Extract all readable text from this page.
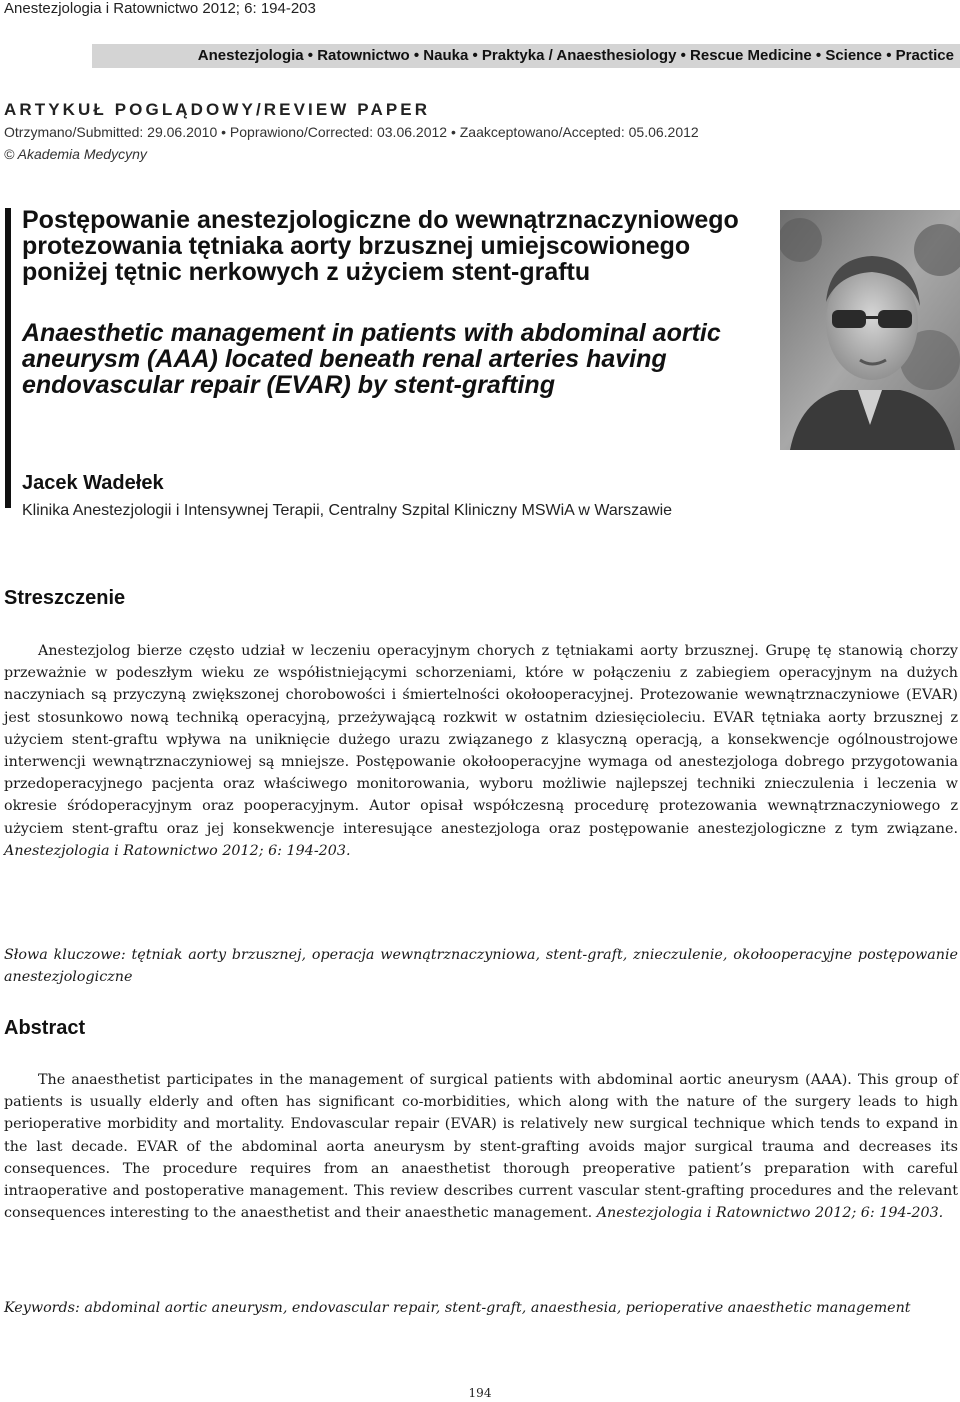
Anestezjologia i Ratownictwo 2012; 6: 194-203
Anestezjologia • Ratownictwo • Nauka • Praktyka / Anaesthesiology • Rescue Medicine • Science • Practice
ARTYKUŁ POGLĄDOWY/REVIEW PAPER
Otrzymano/Submitted: 29.06.2010 • Poprawiono/Corrected: 03.06.2012 • Zaakceptowano/Accepted: 05.06.2012
© Akademia Medycyny
Postępowanie anestezjologiczne do wewnątrznaczyniowego protezowania tętniaka aorty brzusznej umiejscowionego poniżej tętnic nerkowych z użyciem stent-graftu
Anaesthetic management in patients with abdominal aortic aneurysm (AAA) located beneath renal arteries having endovascular repair (EVAR) by stent-grafting
Jacek Wadełek
Klinika Anestezjologii i Intensywnej Terapii, Centralny Szpital Kliniczny MSWiA w Warszawie
Streszczenie

Anestezjolog bierze często udział w leczeniu operacyjnym chorych z tętniakami aorty brzusznej. Grupę tę stanowią chorzy przeważnie w podeszłym wieku ze współistniejącymi schorzeniami, które w połączeniu z zabiegiem operacyjnym na dużych naczyniach są przyczyną zwiększonej chorobowości i śmiertelności okołooperacyjnej. Protezowanie wewnątrznaczyniowe (EVAR) jest stosunkowo nową techniką operacyjną, przeżywającą rozkwit w ostatnim dziesięcioleciu. EVAR tętniaka aorty brzusznej z użyciem stent-graftu wpływa na uniknięcie dużego urazu związanego z klasyczną operacją, a konsekwencje ogólnoustrojowe interwencji wewnątrznaczyniowej są mniejsze. Postępowanie okołooperacyjne wymaga od anestezjologa dobrego przygotowania przedoperacyjnego pacjenta oraz właściwego monitorowania, wyboru możliwie najlepszej techniki znieczulenia i leczenia w okresie śródoperacyjnym oraz pooperacyjnym. Autor opisał współczesną procedurę protezowania wewnątrznaczyniowego z użyciem stent-graftu oraz jej konsekwencje interesujące anestezjologa oraz postępowanie anestezjologiczne z tym związane. Anestezjologia i Ratownictwo 2012; 6: 194-203.

Słowa kluczowe: tętniak aorty brzusznej, operacja wewnątrznaczyniowa, stent-graft, znieczulenie, okołooperacyjne postępowanie anestezjologiczne

Abstract

The anaesthetist participates in the management of surgical patients with abdominal aortic aneurysm (AAA). This group of patients is usually elderly and often has significant co-morbidities, which along with the nature of the surgery leads to high perioperative morbidity and mortality. Endovascular repair (EVAR) is relatively new surgical technique which tends to expand in the last decade. EVAR of the abdominal aorta aneurysm by stent-grafting avoids major surgical trauma and decreases its consequences. The procedure requires from an anaesthetist thorough preoperative patient’s preparation with careful intraoperative and postoperative management. This review describes current vascular stent-grafting procedures and the relevant consequences interesting to the anaesthetist and their anaesthetic management. Anestezjologia i Ratownictwo 2012; 6: 194-203.

Keywords: abdominal aortic aneurysm, endovascular repair, stent-graft, anaesthesia, perioperative anaesthetic management

194
